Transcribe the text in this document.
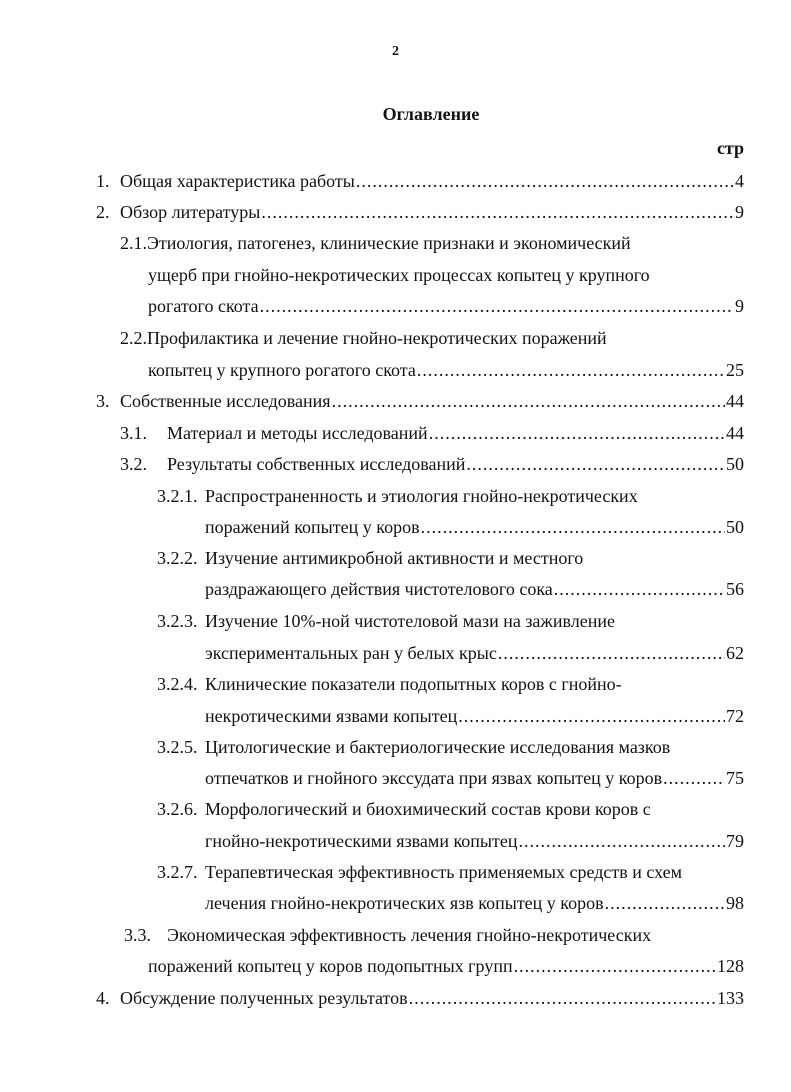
2
Оглавление
стр
1. Общая характеристика работы .....	4
2. Обзор литературы .....	9
2.1.Этиология, патогенез, клинические признаки и экономический
ущерб при гнойно-некротических процессах копытец у крупного
рогатого скота .....	9
2.2.Профилактика и лечение гнойно-некротических поражений
копытец у крупного рогатого скота .....	25
3. Собственные исследования .....	44
3.1. Материал и методы исследований .....	44
3.2. Результаты собственных исследований .....	50
3.2.1. Распространенность и этиология гнойно-некротических
поражений копытец у коров .....	50
3.2.2. Изучение антимикробной активности и местного
раздражающего действия чистотелового сока .....	56
3.2.3. Изучение 10%-ной чистотеловой мази на заживление
экспериментальных ран у белых крыс .....	62
3.2.4. Клинические показатели подопытных коров с гнойно-
некротическими язвами копытец .....	72
3.2.5. Цитологические и бактериологические исследования мазков
отпечатков и гнойного экссудата при язвах копытец у коров .....	75
3.2.6. Морфологический и биохимический состав крови коров с
гнойно-некротическими язвами копытец .....	79
3.2.7. Терапевтическая эффективность применяемых средств и схем
лечения гнойно-некротических язв копытец у коров .....	98
3.3. Экономическая эффективность лечения гнойно-некротических
поражений копытец у коров подопытных групп .....	128
4. Обсуждение полученных результатов .....	133
